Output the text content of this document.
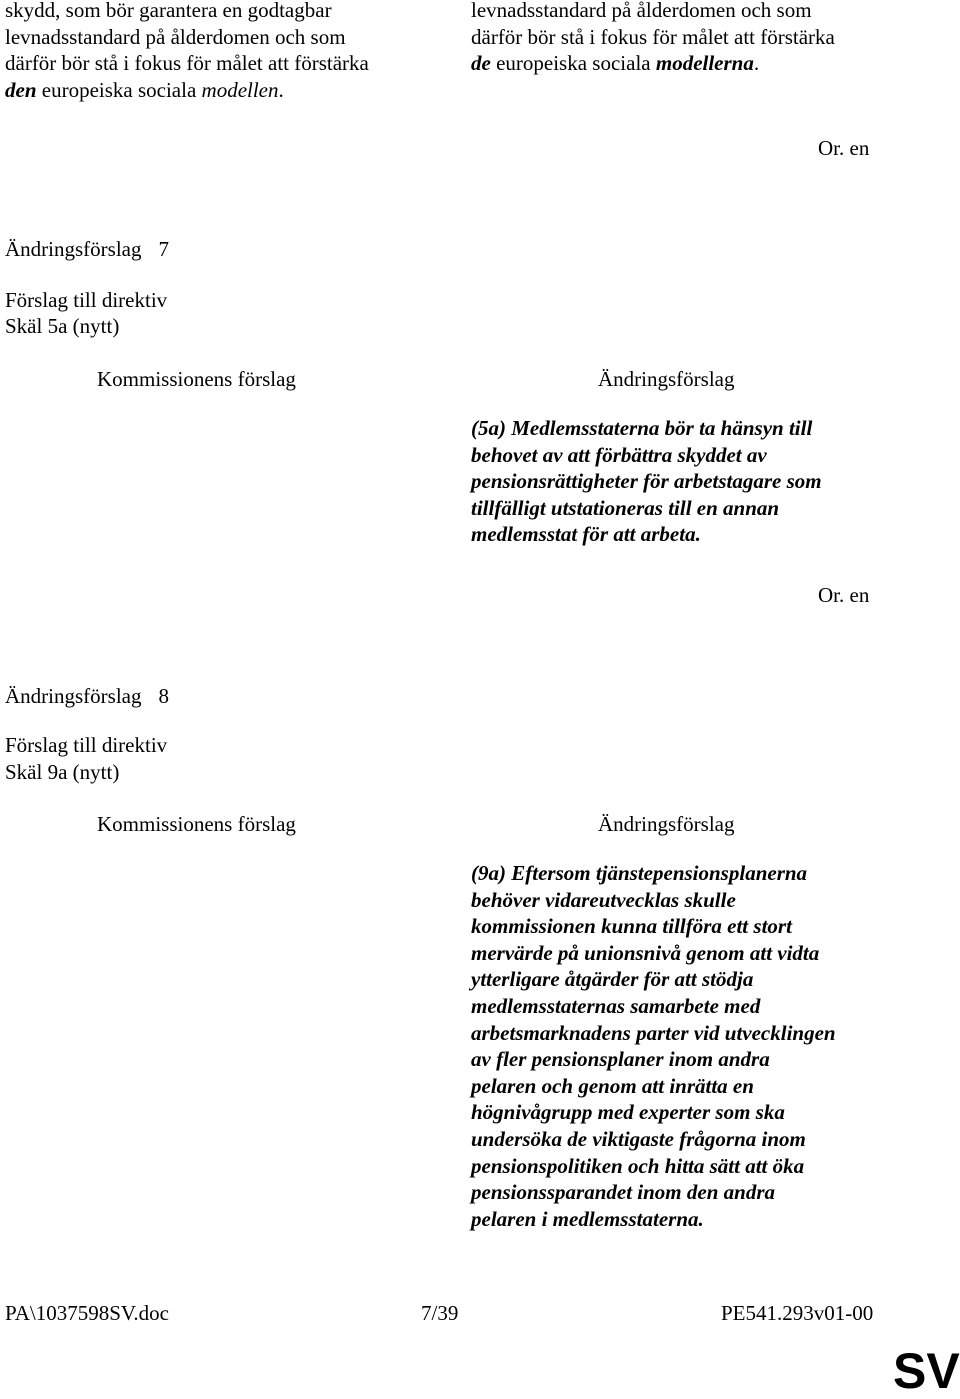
skydd, som bör garantera en godtagbar
levnadsstandard på ålderdomen och som
därför bör stå i fokus för målet att förstärka
den europeiska sociala modellen.
levnadsstandard på ålderdomen och som
därför bör stå i fokus för målet att förstärka
de europeiska sociala modellerna.
Or. en
Ändringsförslag 7
Förslag till direktiv
Skäl 5a (nytt)
Kommissionens förslag	Ändringsförslag
(5a) Medlemsstaterna bör ta hänsyn till
behovet av att förbättra skyddet av
pensionsrättigheter för arbetstagare som
tillfälligt utstationeras till en annan
medlemsstat för att arbeta.
Or. en
Ändringsförslag 8
Förslag till direktiv
Skäl 9a (nytt)
Kommissionens förslag	Ändringsförslag
(9a) Eftersom tjänstepensionsplanerna
behöver vidareutvecklas skulle
kommissionen kunna tillföra ett stort
mervärde på unionsnivå genom att vidta
ytterligare åtgärder för att stödja
medlemsstaternas samarbete med
arbetsmarknadens parter vid utvecklingen
av fler pensionsplaner inom andra
pelaren och genom att inrätta en
högnivågrupp med experter som ska
undersöka de viktigaste frågorna inom
pensionspolitiken och hitta sätt att öka
pensionssparandet inom den andra
pelaren i medlemsstaterna.
PA\1037598SV.doc	7/39	PE541.293v01-00
SV
